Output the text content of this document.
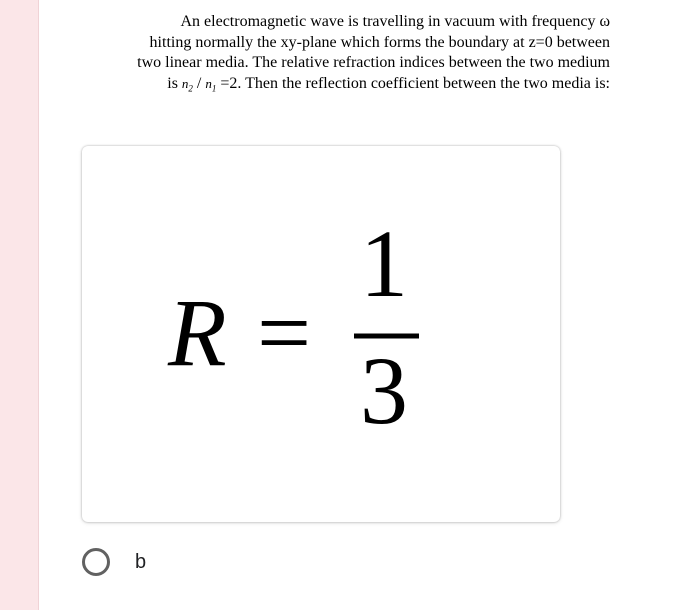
An electromagnetic wave is travelling in vacuum with frequency ω
hitting normally the xy-plane which forms the boundary at z=0 between
two linear media. The relative refraction indices between the two medium
is $n_2 / n_1 =2$. Then the reflection coefficient between the two media is:
R =
1
3
b
